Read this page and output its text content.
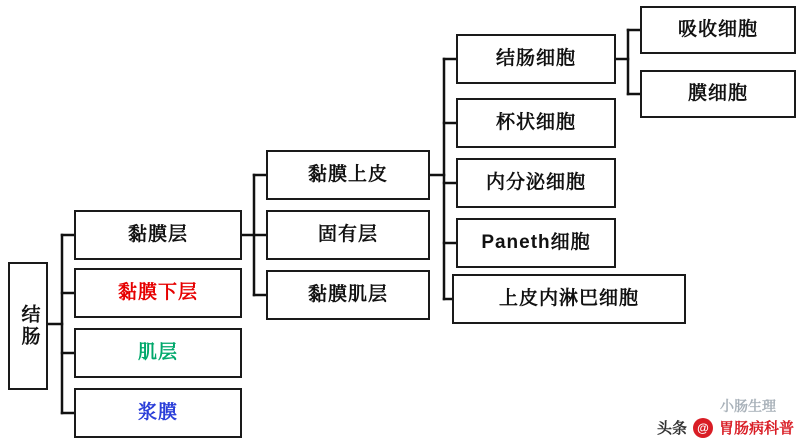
结肠
黏膜层
黏膜下层
肌层
浆膜
黏膜上皮
固有层
黏膜肌层
结肠细胞
杯状细胞
内分泌细胞
Paneth细胞
上皮内淋巴细胞
吸收细胞
膜细胞
小肠生理
头条 @ 胃肠病科普
